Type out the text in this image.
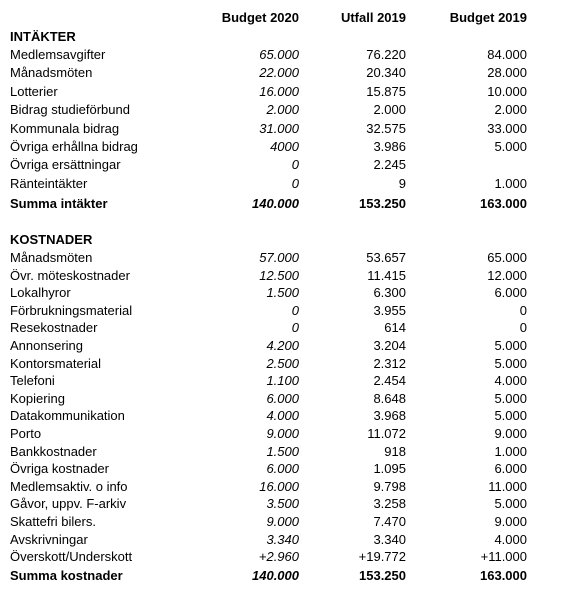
Budget 2020	Utfall 2019	Budget 2019
INTÄKTER
Medlemsavgifter	65.000	76.220	84.000
Månadsmöten	22.000	20.340	28.000
Lotterier	16.000	15.875	10.000
Bidrag studieförbund	2.000	2.000	2.000
Kommunala bidrag	31.000	32.575	33.000
Övriga erhållna bidrag	4000	3.986	5.000
Övriga ersättningar	0	2.245
Ränteintäkter	0	9	1.000
Summa intäkter	140.000	153.250	163.000
KOSTNADER
Månadsmöten	57.000	53.657	65.000
Övr. möteskostnader	12.500	11.415	12.000
Lokalhyror	1.500	6.300	6.000
Förbrukningsmaterial	0	3.955	0
Resekostnader	0	614	0
Annonsering	4.200	3.204	5.000
Kontorsmaterial	2.500	2.312	5.000
Telefoni	1.100	2.454	4.000
Kopiering	6.000	8.648	5.000
Datakommunikation	4.000	3.968	5.000
Porto	9.000	11.072	9.000
Bankkostnader	1.500	918	1.000
Övriga kostnader	6.000	1.095	6.000
Medlemsaktiv. o info	16.000	9.798	11.000
Gåvor, uppv. F-arkiv	3.500	3.258	5.000
Skattefri bilers.	9.000	7.470	9.000
Avskrivningar	3.340	3.340	4.000
Överskott/Underskott	+2.960	+19.772	+11.000
Summa kostnader	140.000	153.250	163.000
